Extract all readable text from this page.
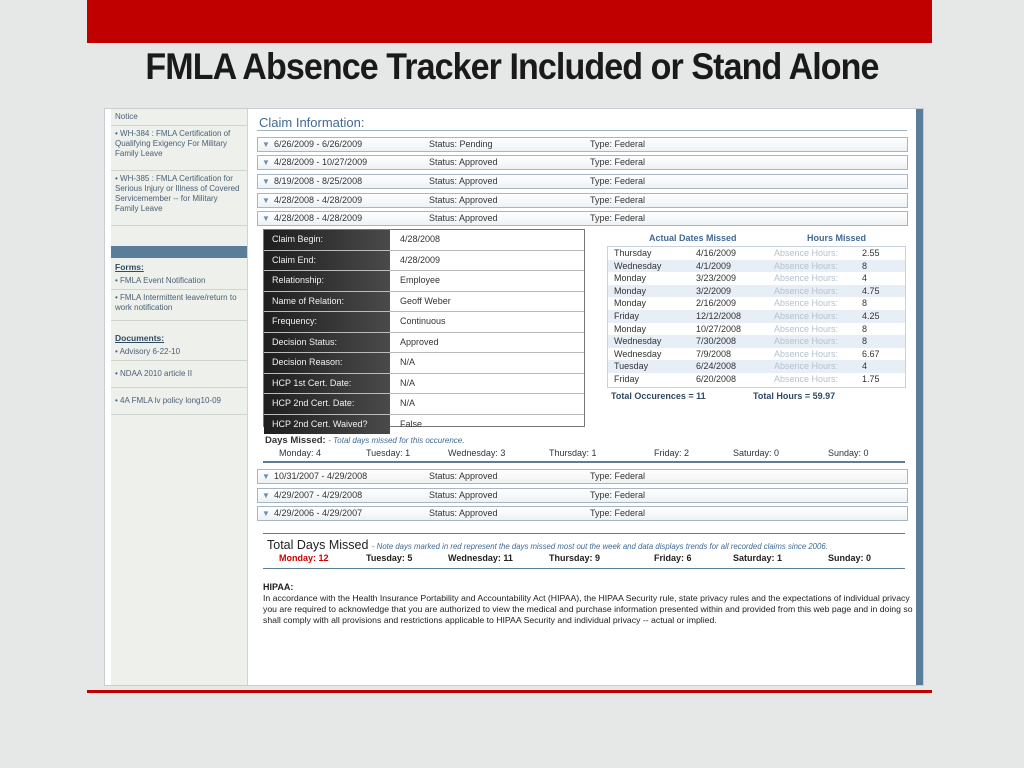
FMLA Absence Tracker Included or Stand Alone
Notice
• WH-384 : FMLA Certification of Qualifying Exigency For Military Family Leave
• WH-385 : FMLA Certification for Serious Injury or Illness of Covered Servicemember -- for Military Family Leave
Forms:
• FMLA Event Notification
• FMLA Intermittent leave/return to work notification
Documents:
• Advisory 6-22-10
• NDAA 2010 article II
• 4A FMLA lv policy long10-09
Claim Information:
▼ 6/26/2009 - 6/26/2009	Status: Pending	Type: Federal
▼ 4/28/2009 - 10/27/2009	Status: Approved	Type: Federal
▼ 8/19/2008 - 8/25/2008	Status: Approved	Type: Federal
▼ 4/28/2008 - 4/28/2009	Status: Approved	Type: Federal
▼ 4/28/2008 - 4/28/2009	Status: Approved	Type: Federal
Claim Begin:	4/28/2008
Claim End:	4/28/2009
Relationship:	Employee
Name of Relation:	Geoff Weber
Frequency:	Continuous
Decision Status:	Approved
Decision Reason:	N/A
HCP 1st Cert. Date:	N/A
HCP 2nd Cert. Date:	N/A
HCP 2nd Cert. Waived?	False
Actual Dates Missed	Hours Missed
Thursday	4/16/2009	Absence Hours:	2.55
Wednesday	4/1/2009	Absence Hours:	8
Monday	3/23/2009	Absence Hours:	4
Monday	3/2/2009	Absence Hours:	4.75
Monday	2/16/2009	Absence Hours:	8
Friday	12/12/2008	Absence Hours:	4.25
Monday	10/27/2008	Absence Hours:	8
Wednesday	7/30/2008	Absence Hours:	8
Wednesday	7/9/2008	Absence Hours:	6.67
Tuesday	6/24/2008	Absence Hours:	4
Friday	6/20/2008	Absence Hours:	1.75
Total Occurences = 11	Total Hours = 59.97
Days Missed: - Total days missed for this occurence.
Monday: 4	Tuesday: 1	Wednesday: 3	Thursday: 1	Friday: 2	Saturday: 0	Sunday: 0
▼ 10/31/2007 - 4/29/2008	Status: Approved	Type: Federal
▼ 4/29/2007 - 4/29/2008	Status: Approved	Type: Federal
▼ 4/29/2006 - 4/29/2007	Status: Approved	Type: Federal
Total Days Missed - Note days marked in red represent the days missed most out the week and data displays trends for all recorded claims since 2006.
Monday: 12	Tuesday: 5	Wednesday: 11	Thursday: 9	Friday: 6	Saturday: 1	Sunday: 0
HIPAA:
In accordance with the Health Insurance Portability and Accountability Act (HIPAA), the HIPAA Security rule, state privacy rules and the expectations of individual privacy you are required to acknowledge that you are authorized to view the medical and purchase information presented within and provided from this web page and in doing so shall comply with all provisions and restrictions applicable to HIPAA Security and individual privacy -- actual or implied.
